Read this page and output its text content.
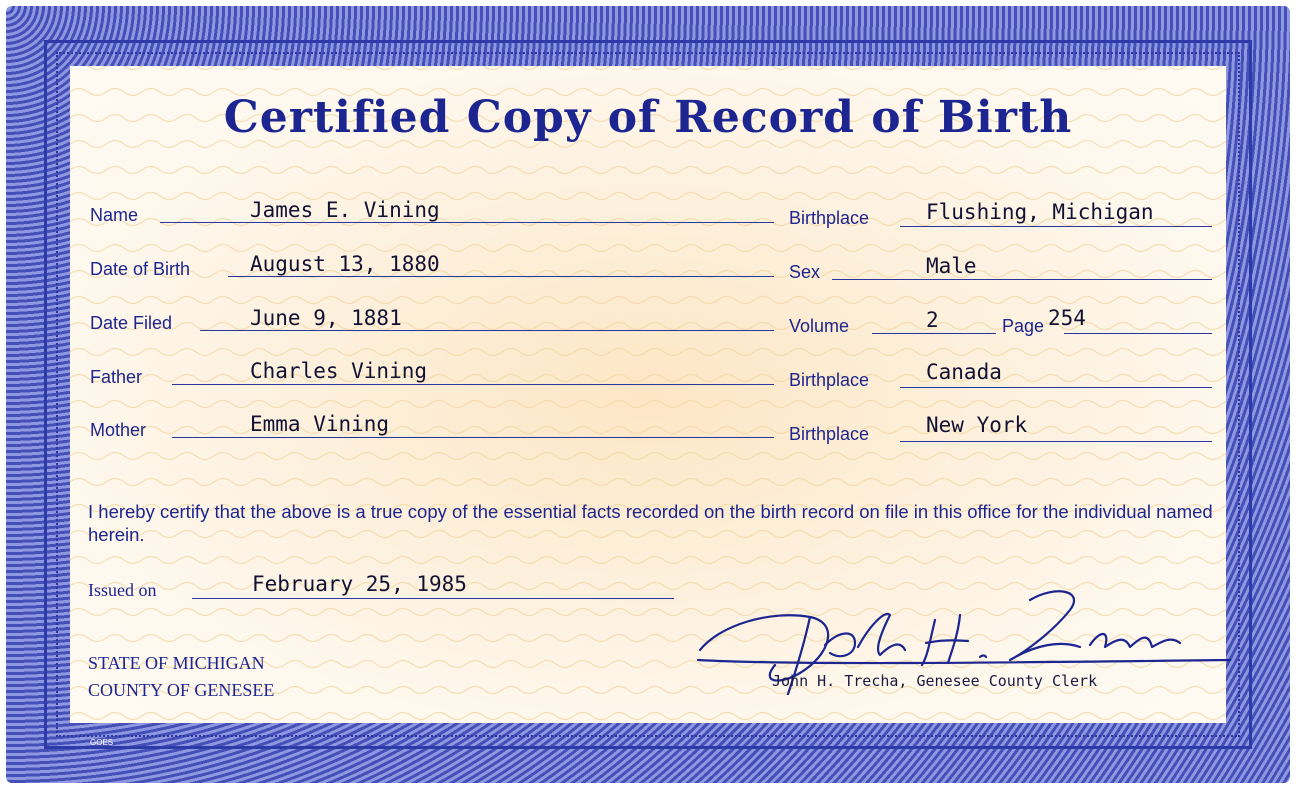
Certified Copy of Record of Birth
Name	James E. Vining	Birthplace	Flushing, Michigan
Date of Birth	August 13, 1880	Sex	Male
Date Filed	June 9, 1881	Volume	2	Page 254
Father	Charles Vining	Birthplace	Canada
Mother	Emma Vining	Birthplace	New York
I hereby certify that the above is a true copy of the essential facts recorded on the birth record on file in this office for the individual named herein.
Issued on	February 25, 1985
STATE OF MICHIGAN
COUNTY OF GENESEE	John H. Trecha, Genesee County Clerk
GOES
